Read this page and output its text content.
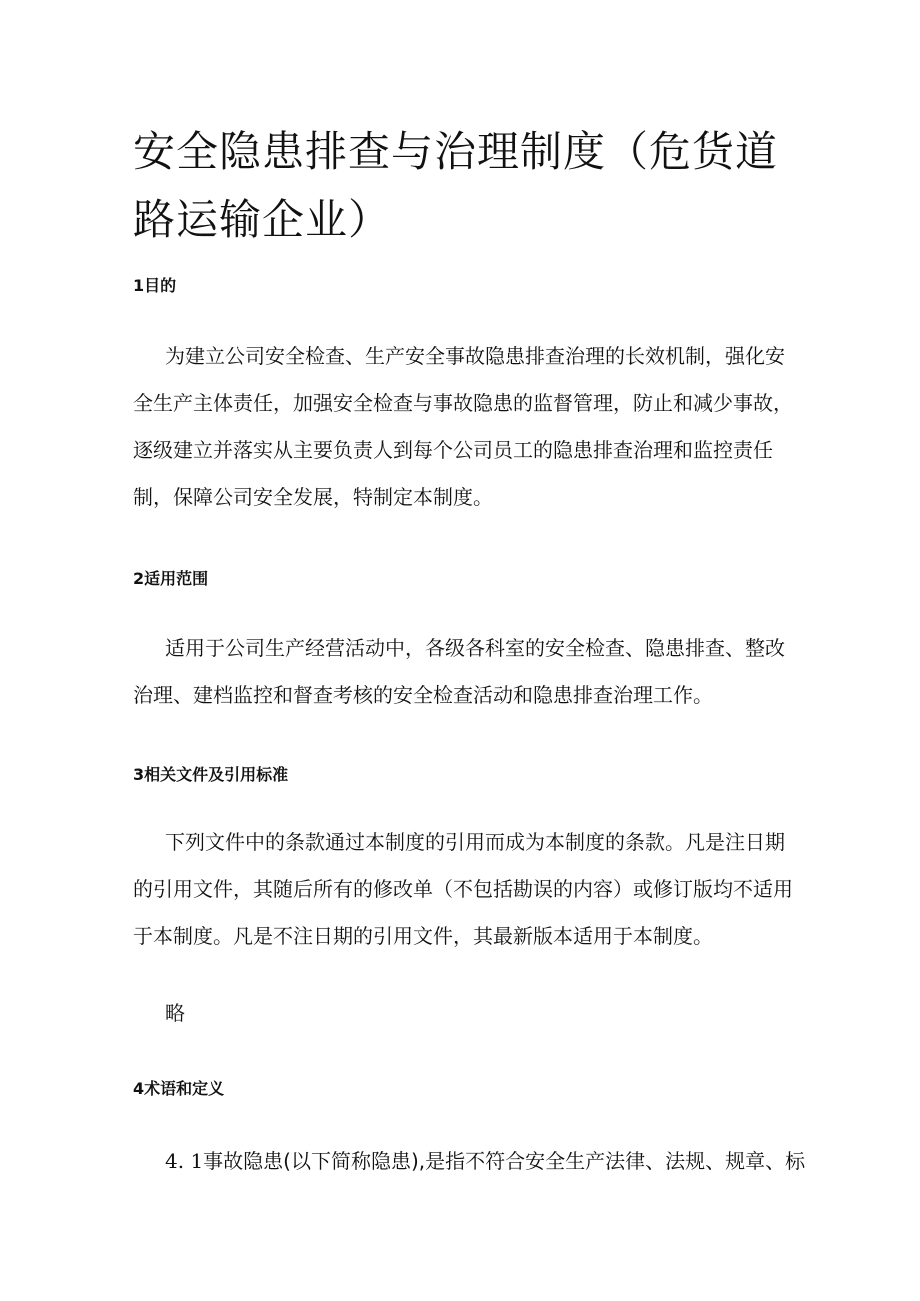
安全隐患排查与治理制度（危货道路运输企业）
1目的

为建立公司安全检查、生产安全事故隐患排查治理的长效机制，强化安全生产主体责任，加强安全检查与事故隐患的监督管理，防止和减少事故，逐级建立并落实从主要负责人到每个公司员工的隐患排查治理和监控责任制，保障公司安全发展，特制定本制度。

2适用范围

适用于公司生产经营活动中，各级各科室的安全检查、隐患排查、整改治理、建档监控和督查考核的安全检查活动和隐患排查治理工作。

3相关文件及引用标准

下列文件中的条款通过本制度的引用而成为本制度的条款。凡是注日期的引用文件，其随后所有的修改单（不包括勘误的内容）或修订版均不适用于本制度。凡是不注日期的引用文件，其最新版本适用于本制度。

略

4术语和定义

4. 1事故隐患(以下简称隐患),是指不符合安全生产法律、法规、规章、标
